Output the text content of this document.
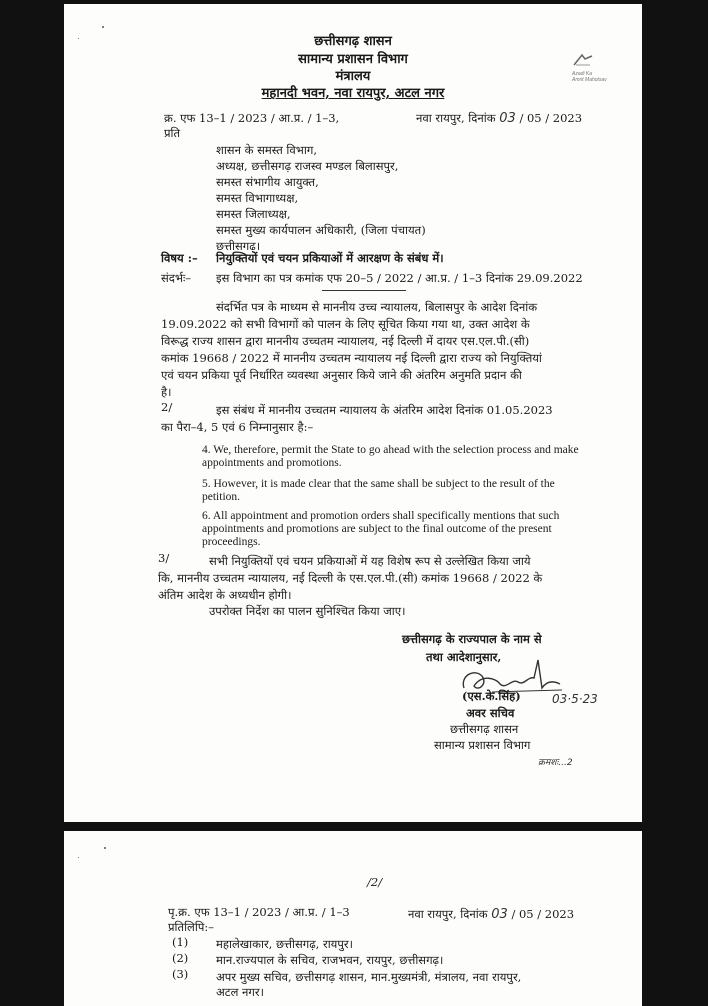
छत्तीसगढ़ शासन
सामान्य प्रशासन विभाग
मंत्रालय
महानदी भवन, नवा रायपुर, अटल नगर
Azadi Ka
Amrit Mahotsav
क्र. एफ 13–1 / 2023 / आ.प्र. / 1–3,	नवा रायपुर, दिनांक 03 / 05 / 2023
प्रति
शासन के समस्त विभाग,
अध्यक्ष, छत्तीसगढ़ राजस्व मण्डल बिलासपुर,
समस्त संभागीय आयुक्त,
समस्त विभागाध्यक्ष,
समस्त जिलाध्यक्ष,
समस्त मुख्य कार्यपालन अधिकारी, (जिला पंचायत)
छत्तीसगढ़।
विषय :– नियुक्तियों एवं चयन प्रकियाओं में आरक्षण के संबंध में।
संदर्भः– इस विभाग का पत्र कमांक एफ 20–5 / 2022 / आ.प्र. / 1–3 दिनांक 29.09.2022
संदर्भित पत्र के माध्यम से माननीय उच्च न्यायालय, बिलासपुर के आदेश दिनांक
19.09.2022 को सभी विभागों को पालन के लिए सूचित किया गया था, उक्त आदेश के
विरूद्ध राज्य शासन द्वारा माननीय उच्चतम न्यायालय, नई दिल्ली में दायर एस.एल.पी.(सी)
कमांक 19668 / 2022 में माननीय उच्चतम न्यायालय नई दिल्ली द्वारा राज्य को नियुक्तियां
एवं चयन प्रकिया पूर्व निर्धारित व्यवस्था अनुसार किये जाने की अंतरिम अनुमति प्रदान की
है।
2/	इस संबंध में माननीय उच्चतम न्यायालय के अंतरिम आदेश दिनांक 01.05.2023
का पैरा–4, 5 एवं 6 निम्नानुसार है:–
4. We, therefore, permit the State to go ahead with the selection process and make appointments and promotions.
5. However, it is made clear that the same shall be subject to the result of the petition.
6. All appointment and promotion orders shall specifically mentions that such appointments and promotions are subject to the final outcome of the present proceedings.
3/	सभी नियुक्तियों एवं चयन प्रकियाओं में यह विशेष रूप से उल्लेखित किया जाये
कि, माननीय उच्चतम न्यायालय, नई दिल्ली के एस.एल.पी.(सी) कमांक 19668 / 2022 के
अंतिम आदेश के अध्यधीन होगी।
उपरोक्त निर्देश का पालन सुनिश्चित किया जाए।
छत्तीसगढ़ के राज्यपाल के नाम से
तथा आदेशानुसार,
(एस.के.सिंह)	03·5·23
अवर सचिव
छत्तीसगढ़ शासन
सामान्य प्रशासन विभाग
क्रमशः...2
/2/
पृ.क्र. एफ 13–1 / 2023 / आ.प्र. / 1–3	नवा रायपुर, दिनांक 03 / 05 / 2023
प्रतिलिपि:–
(1) महालेखाकार, छत्तीसगढ़, रायपुर।
(2) मान.राज्यपाल के सचिव, राजभवन, रायपुर, छत्तीसगढ़।
(3) अपर मुख्य सचिव, छत्तीसगढ़ शासन, मान.मुख्यमंत्री, मंत्रालय, नवा रायपुर,
अटल नगर।
